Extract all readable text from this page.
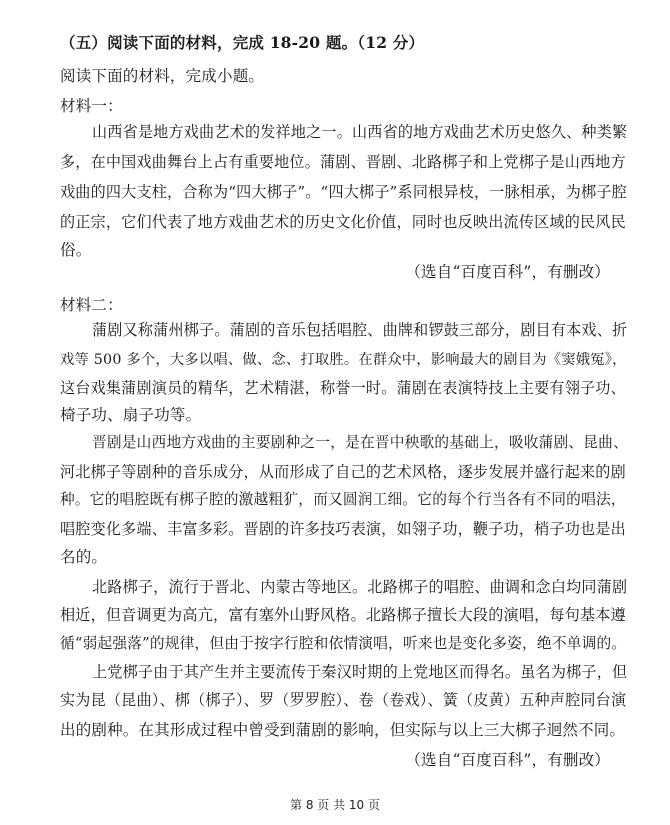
（五）阅读下面的材料，完成 18-20 题。（12 分）
阅读下面的材料，完成小题。
材料一：
山西省是地方戏曲艺术的发祥地之一。山西省的地方戏曲艺术历史悠久、种类繁
多，在中国戏曲舞台上占有重要地位。蒲剧、晋剧、北路梆子和上党梆子是山西地方
戏曲的四大支柱，合称为“四大梆子”。“四大梆子”系同根异枝，一脉相承，为梆子腔
的正宗，它们代表了地方戏曲艺术的历史文化价值，同时也反映出流传区域的民风民
俗。
（选自“百度百科”，有删改）
材料二：
蒲剧又称蒲州梆子。蒲剧的音乐包括唱腔、曲牌和锣鼓三部分，剧目有本戏、折
戏等 500 多个，大多以唱、做、念、打取胜。在群众中，影响最大的剧目为《窦娥冤》，
这台戏集蒲剧演员的精华，艺术精湛，称誉一时。蒲剧在表演特技上主要有翎子功、
椅子功、扇子功等。
晋剧是山西地方戏曲的主要剧种之一，是在晋中秧歌的基础上，吸收蒲剧、昆曲、
河北梆子等剧种的音乐成分，从而形成了自己的艺术风格，逐步发展并盛行起来的剧
种。它的唱腔既有梆子腔的激越粗犷，而又圆润工细。它的每个行当各有不同的唱法，
唱腔变化多端、丰富多彩。晋剧的许多技巧表演，如翎子功，鞭子功，梢子功也是出
名的。
北路梆子，流行于晋北、内蒙古等地区。北路梆子的唱腔、曲调和念白均同蒲剧
相近，但音调更为高亢，富有塞外山野风格。北路梆子擅长大段的演唱，每句基本遵
循“弱起强落”的规律，但由于按字行腔和依情演唱，听来也是变化多姿，绝不单调的。
上党梆子由于其产生并主要流传于秦汉时期的上党地区而得名。虽名为梆子，但
实为昆（昆曲）、梆（梆子）、罗（罗罗腔）、卷（卷戏）、簧（皮黄）五种声腔同台演
出的剧种。在其形成过程中曾受到蒲剧的影响，但实际与以上三大梆子迥然不同。
（选自“百度百科”，有删改）
第 8 页 共 10 页
